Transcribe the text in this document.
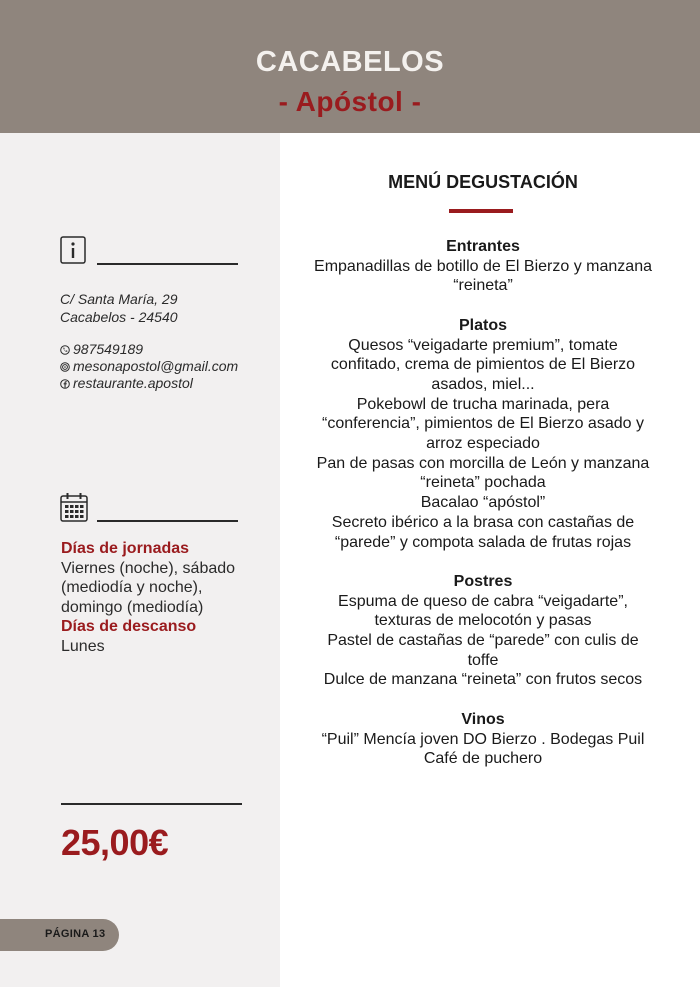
CACABELOS
- Apóstol -
C/ Santa María, 29
Cacabelos - 24540
987549189
mesonapostol@gmail.com
restaurante.apostol
Días de jornadas
Viernes (noche), sábado
(mediodía y noche),
domingo (mediodía)
Días de descanso
Lunes
25,00€
PÁGINA 13
MENÚ DEGUSTACIÓN
Entrantes
Empanadillas de botillo de El Bierzo y manzana
“reineta”
Platos
Quesos “veigadarte premium”, tomate
confitado, crema de pimientos de El Bierzo
asados, miel...
Pokebowl de trucha marinada, pera
“conferencia”, pimientos de El Bierzo asado y
arroz especiado
Pan de pasas con morcilla de León y manzana
“reineta” pochada
Bacalao “apóstol”
Secreto ibérico a la brasa con castañas de
“parede” y compota salada de frutas rojas
Postres
Espuma de queso de cabra “veigadarte”,
texturas de melocotón y pasas
Pastel de castañas de “parede” con culis de
toffe
Dulce de manzana “reineta” con frutos secos
Vinos
“Puil” Mencía joven DO Bierzo . Bodegas Puil
Café de puchero
